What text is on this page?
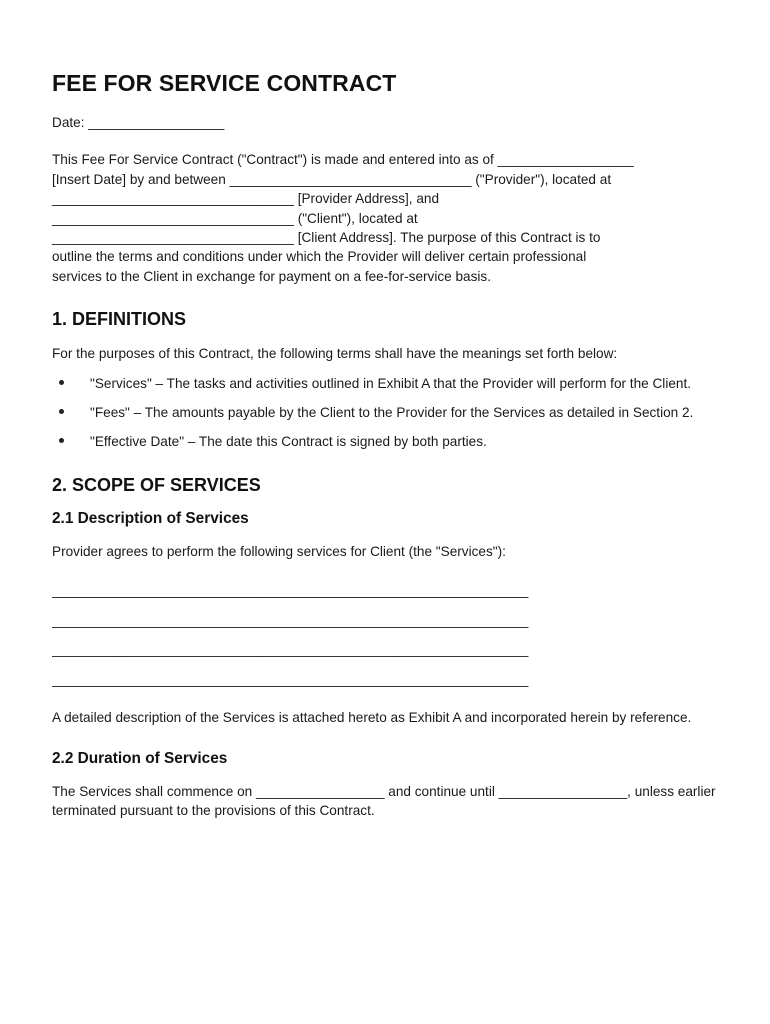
FEE FOR SERVICE CONTRACT

Date: __________________

This Fee For Service Contract ("Contract") is made and entered into as of __________________

[Insert Date] by and between ________________________________ ("Provider"), located at

________________________________ [Provider Address], and

________________________________ ("Client"), located at

________________________________ [Client Address]. The purpose of this Contract is to

outline the terms and conditions under which the Provider will deliver certain professional

services to the Client in exchange for payment on a fee-for-service basis.

1. DEFINITIONS

For the purposes of this Contract, the following terms shall have the meanings set forth below:

"Services" – The tasks and activities outlined in Exhibit A that the Provider will perform for the Client.
"Fees" – The amounts payable by the Client to the Provider for the Services as detailed in Section 2.
"Effective Date" – The date this Contract is signed by both parties.
2. SCOPE OF SERVICES
2.1 Description of Services

Provider agrees to perform the following services for Client (the "Services"):

_______________________________________________________________
_______________________________________________________________
_______________________________________________________________
_______________________________________________________________

A detailed description of the Services is attached hereto as Exhibit A and incorporated herein by reference.

2.2 Duration of Services

The Services shall commence on _________________ and continue until _________________, unless earlier terminated pursuant to the provisions of this Contract.
